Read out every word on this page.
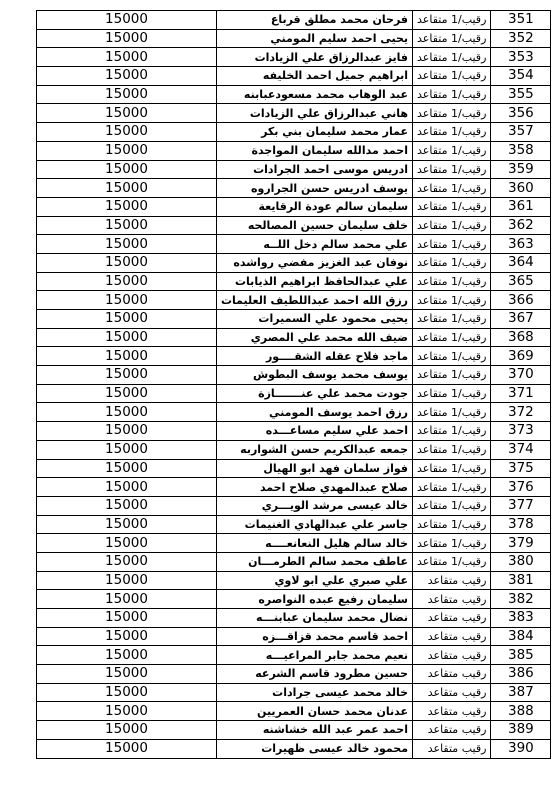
15000	فرحان محمد مطلق قرباع	رقيب/1 متقاعد	351
15000	يحيى احمد سليم المومني	رقيب/1 متقاعد	352
15000	فايز عبدالرزاق علي الزيادات	رقيب/1 متقاعد	353
15000	ابراهيم جميل احمد الخليفه	رقيب/1 متقاعد	354
15000	عبد الوهاب محمد مسعودعبابنه	رقيب/1 متقاعد	355
15000	هاني عبدالرزاق علي الزيادات	رقيب/1 متقاعد	356
15000	عمار محمد سليمان بني بكر	رقيب/1 متقاعد	357
15000	احمد مدالله سليمان المواجدة	رقيب/1 متقاعد	358
15000	ادريس موسى احمد الجرادات	رقيب/1 متقاعد	359
15000	يوسف ادريس حسن الجراروه	رقيب/1 متقاعد	360
15000	سليمان سالم عودة الرقايعة	رقيب/1 متقاعد	361
15000	خلف سليمان حسين المصالحه	رقيب/1 متقاعد	362
15000	علي محمد سالم دخل اللــه	رقيب/1 متقاعد	363
15000	نوفان عبد الغزيز مفضي رواشده	رقيب/1 متقاعد	364
15000	علي عبدالحافظ ابراهيم الذيابات	رقيب/1 متقاعد	365
15000	رزق الله احمد عبداللطيف العليمات	رقيب/1 متقاعد	366
15000	يحيى محمود علي السميرات	رقيب/1 متقاعد	367
15000	ضيف الله محمد علي المصري	رقيب/1 متقاعد	368
15000	ماجد فلاح عقله الشقــــور	رقيب/1 متقاعد	369
15000	يوسف محمد يوسف البطوش	رقيب/1 متقاعد	370
15000	جودت محمد علي عنـــــــازة	رقيب/1 متقاعد	371
15000	رزق احمد يوسف المومني	رقيب/1 متقاعد	372
15000	احمد علي سليم مساعـــده	رقيب/1 متقاعد	373
15000	جمعه عبدالكريم حسن الشواربه	رقيب/1 متقاعد	374
15000	فواز سلمان فهد ابو الهيال	رقيب/1 متقاعد	375
15000	صلاح عبدالمهدي صلاح احمد	رقيب/1 متقاعد	376
15000	خالد عيسى مرشد الويـــري	رقيب/1 متقاعد	377
15000	جاسر علي عبدالهادي الغنيمات	رقيب/1 متقاعد	378
15000	خالد سالم هليل النعانعــــه	رقيب/1 متقاعد	379
15000	عاطف محمد سالم الطرمـــان	رقيب/1 متقاعد	380
15000	علي صبري علي ابو لاوي	رقيب متقاعد	381
15000	سليمان رفيع عبده النواصره	رقيب متقاعد	382
15000	نضال محمد سليمان عبابنـــه	رقيب متقاعد	383
15000	احمد قاسم محمد قزاقـــزه	رقيب متقاعد	384
15000	نعيم محمد جابر المراعيـــه	رقيب متقاعد	385
15000	حسين مطرود قاسم الشرعه	رقيب متقاعد	386
15000	خالد محمد عيسى جرادات	رقيب متقاعد	387
15000	عدنان محمد حسان العمريين	رقيب متقاعد	388
15000	احمد عمر عبد الله خشاشنه	رقيب متقاعد	389
15000	محمود خالد عيسى ظهيرات	رقيب متقاعد	390
